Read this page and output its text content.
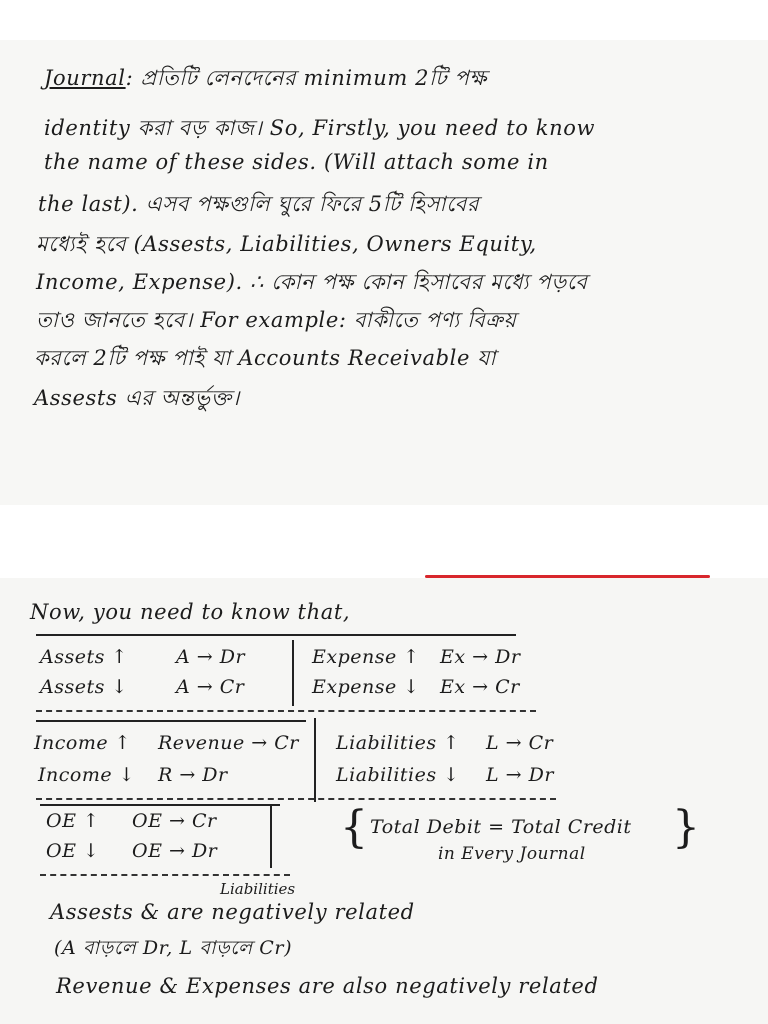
Journal: প্রতিটি লেনদেনের minimum 2টি পক্ষ
identity করা বড় কাজ। So, Firstly, you need to know
the name of these sides. (Will attach some in
the last). এসব পক্ষগুলি ঘুরে ফিরে 5টি হিসাবের
মধ্যেই হবে (Assests, Liabilities, Owners Equity,
Income, Expense). ∴ কোন পক্ষ কোন হিসাবের মধ্যে পড়বে
তাও জানতে হবে। For example: বাকীতে পণ্য বিক্রয়
করলে 2টি পক্ষ পাই যা Accounts Receivable যা
Assests এর অন্তর্ভুক্ত।
Now, you need to know that,
Assets ↑	A → Dr	Expense ↑ Ex → Dr
Assets ↓	A → Cr	Expense ↓ Ex → Cr
Income ↑ Revenue → Cr Liabilities ↑ L → Cr
Income ↓ R → Dr	Liabilities ↓ L → Dr
OE ↑ OE → Cr
OE ↓ OE → Dr	{ Total Debit = Total Credit
in Every Journal
}
Liabilities
Assests & are negatively related
(A বাড়লে Dr, L বাড়লে Cr)
Revenue & Expenses are also negatively related
